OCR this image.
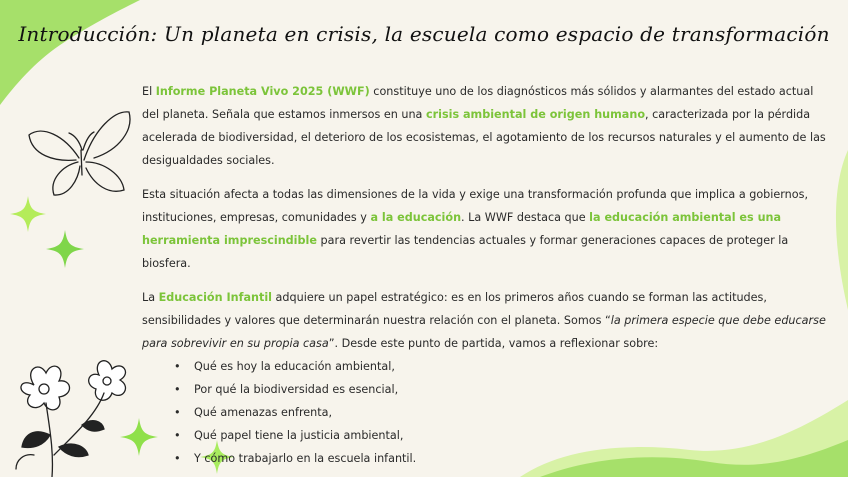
Introducción: Un planeta en crisis, la escuela como espacio de transformación

El Informe Planeta Vivo 2025 (WWF) constituye uno de los diagnósticos más sólidos y alarmantes del estado actual del planeta. Señala que estamos inmersos en una crisis ambiental de origen humano, caracterizada por la pérdida acelerada de biodiversidad, el deterioro de los ecosistemas, el agotamiento de los recursos naturales y el aumento de las desigualdades sociales.

Esta situación afecta a todas las dimensiones de la vida y exige una transformación profunda que implica a gobiernos, instituciones, empresas, comunidades y a la educación. La WWF destaca que la educación ambiental es una herramienta imprescindible para revertir las tendencias actuales y formar generaciones capaces de proteger la biosfera.

La Educación Infantil adquiere un papel estratégico: es en los primeros años cuando se forman las actitudes, sensibilidades y valores que determinarán nuestra relación con el planeta. Somos “la primera especie que debe educarse para sobrevivir en su propia casa”. Desde este punto de partida, vamos a reflexionar sobre:

• Qué es hoy la educación ambiental,
• Por qué la biodiversidad es esencial,
• Qué amenazas enfrenta,
• Qué papel tiene la justicia ambiental,
• Y cómo trabajarlo en la escuela infantil.
